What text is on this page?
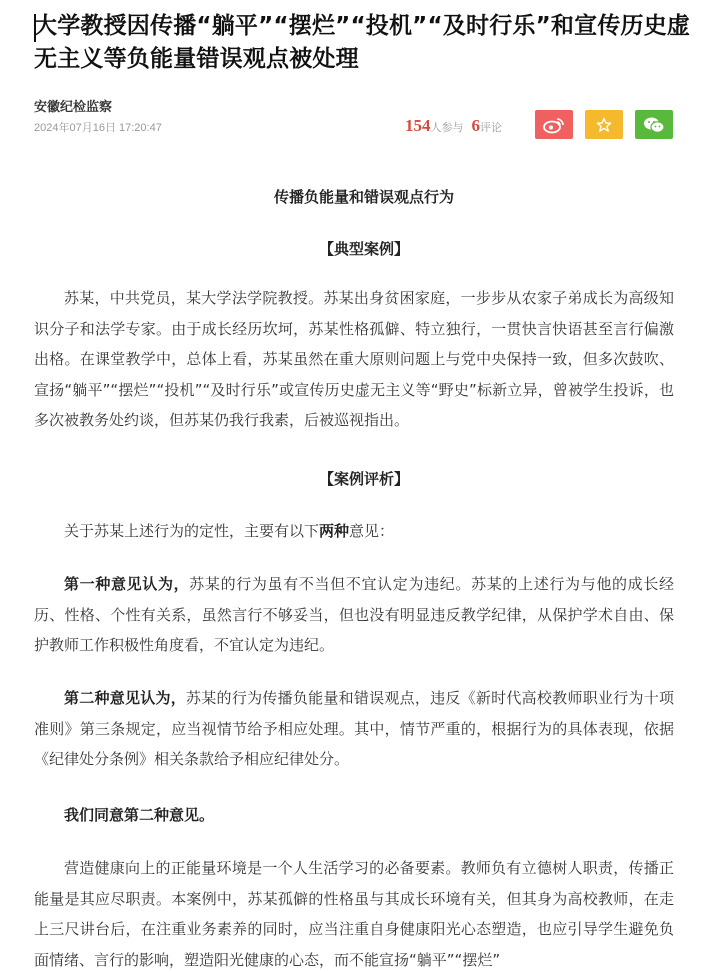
大学教授因传播“躺平”“摆烂”“投机”“及时行乐”和宣传历史虚无主义等负能量错误观点被处理
安徽纪检监察
2024年07月16日 17:20:47	154人参与 6评论
传播负能量和错误观点行为
【典型案例】

苏某，中共党员，某大学法学院教授。苏某出身贫困家庭，一步步从农家子弟成长为高级知识分子和法学专家。由于成长经历坎坷，苏某性格孤僻、特立独行，一贯快言快语甚至言行偏激出格。在课堂教学中，总体上看，苏某虽然在重大原则问题上与党中央保持一致，但多次鼓吹、宣扬“躺平”“摆烂”“投机”“及时行乐”或宣传历史虚无主义等“野史”标新立异，曾被学生投诉，也多次被教务处约谈，但苏某仍我行我素，后被巡视指出。

【案例评析】

关于苏某上述行为的定性，主要有以下两种意见：

第一种意见认为，苏某的行为虽有不当但不宜认定为违纪。苏某的上述行为与他的成长经历、性格、个性有关系，虽然言行不够妥当，但也没有明显违反教学纪律，从保护学术自由、保护教师工作积极性角度看，不宜认定为违纪。

第二种意见认为，苏某的行为传播负能量和错误观点，违反《新时代高校教师职业行为十项准则》第三条规定，应当视情节给予相应处理。其中，情节严重的，根据行为的具体表现，依据《纪律处分条例》相关条款给予相应纪律处分。

我们同意第二种意见。

营造健康向上的正能量环境是一个人生活学习的必备要素。教师负有立德树人职责，传播正能量是其应尽职责。本案例中，苏某孤僻的性格虽与其成长环境有关，但其身为高校教师，在走上三尺讲台后，在注重业务素养的同时，应当注重自身健康阳光心态塑造，也应引导学生避免负面情绪、言行的影响，塑造阳光健康的心态，而不能宣扬“躺平”“摆烂”
